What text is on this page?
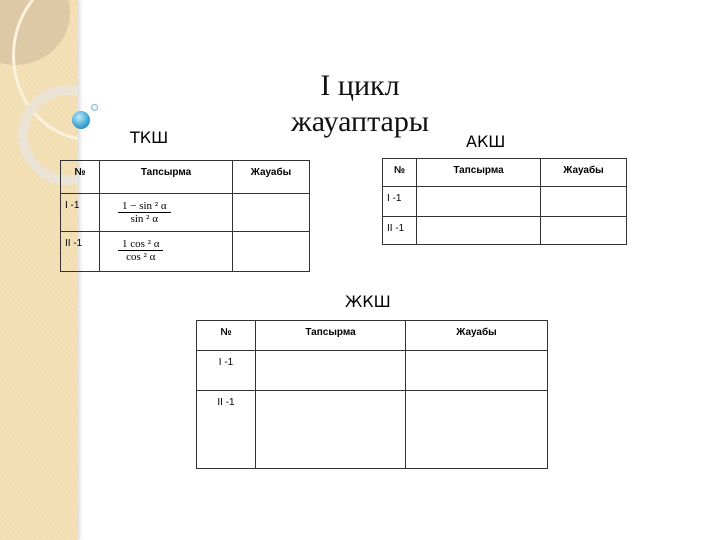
I цикл
жауаптары
ТКШ	АКШ
ЖКШ
№	Тапсырма	Жауабы
I -1	$\frac{\text{1 − sin ² α}}{\text{sin ² α}}$

II -1	$\frac{\text{1 cos ² α}}{\text{cos ² α}}$

№	Тапсырма	Жауабы
I -1		
II -1		
№	Тапсырма	Жауабы
I -1		
II -1		
